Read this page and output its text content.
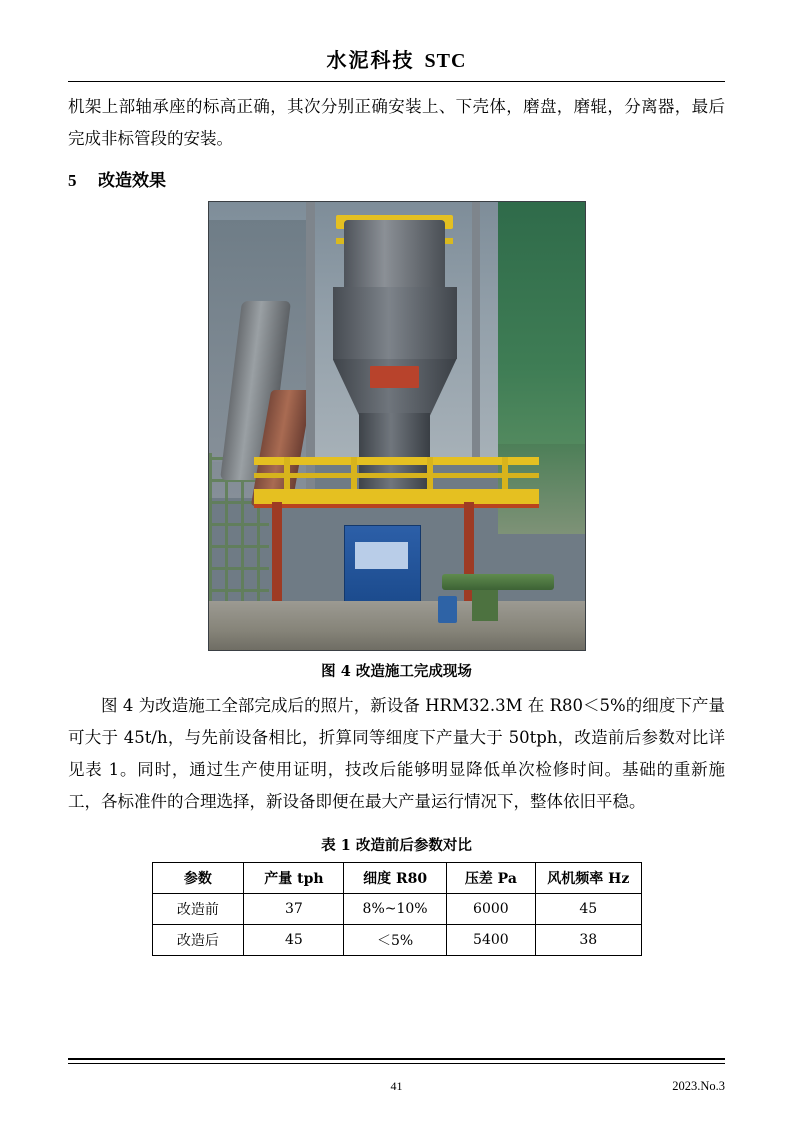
水泥科技 STC

机架上部轴承座的标高正确，其次分别正确安装上、下壳体，磨盘，磨辊，分离器，最后完成非标管段的安装。

5 改造效果
图 4 改造施工完成现场

图 4 为改造施工全部完成后的照片，新设备 HRM32.3M 在 R80＜5%的细度下产量可大于 45t/h，与先前设备相比，折算同等细度下产量大于 50tph，改造前后参数对比详见表 1。同时，通过生产使用证明，技改后能够明显降低单次检修时间。基础的重新施工，各标准件的合理选择，新设备即便在最大产量运行情况下，整体依旧平稳。

表 1 改造前后参数对比
参数	产量 tph	细度 R80	压差 Pa	风机频率 Hz
改造前	37	8%~10%	6000	45
改造后	45	＜5%	5400	38
41	2023.No.3
